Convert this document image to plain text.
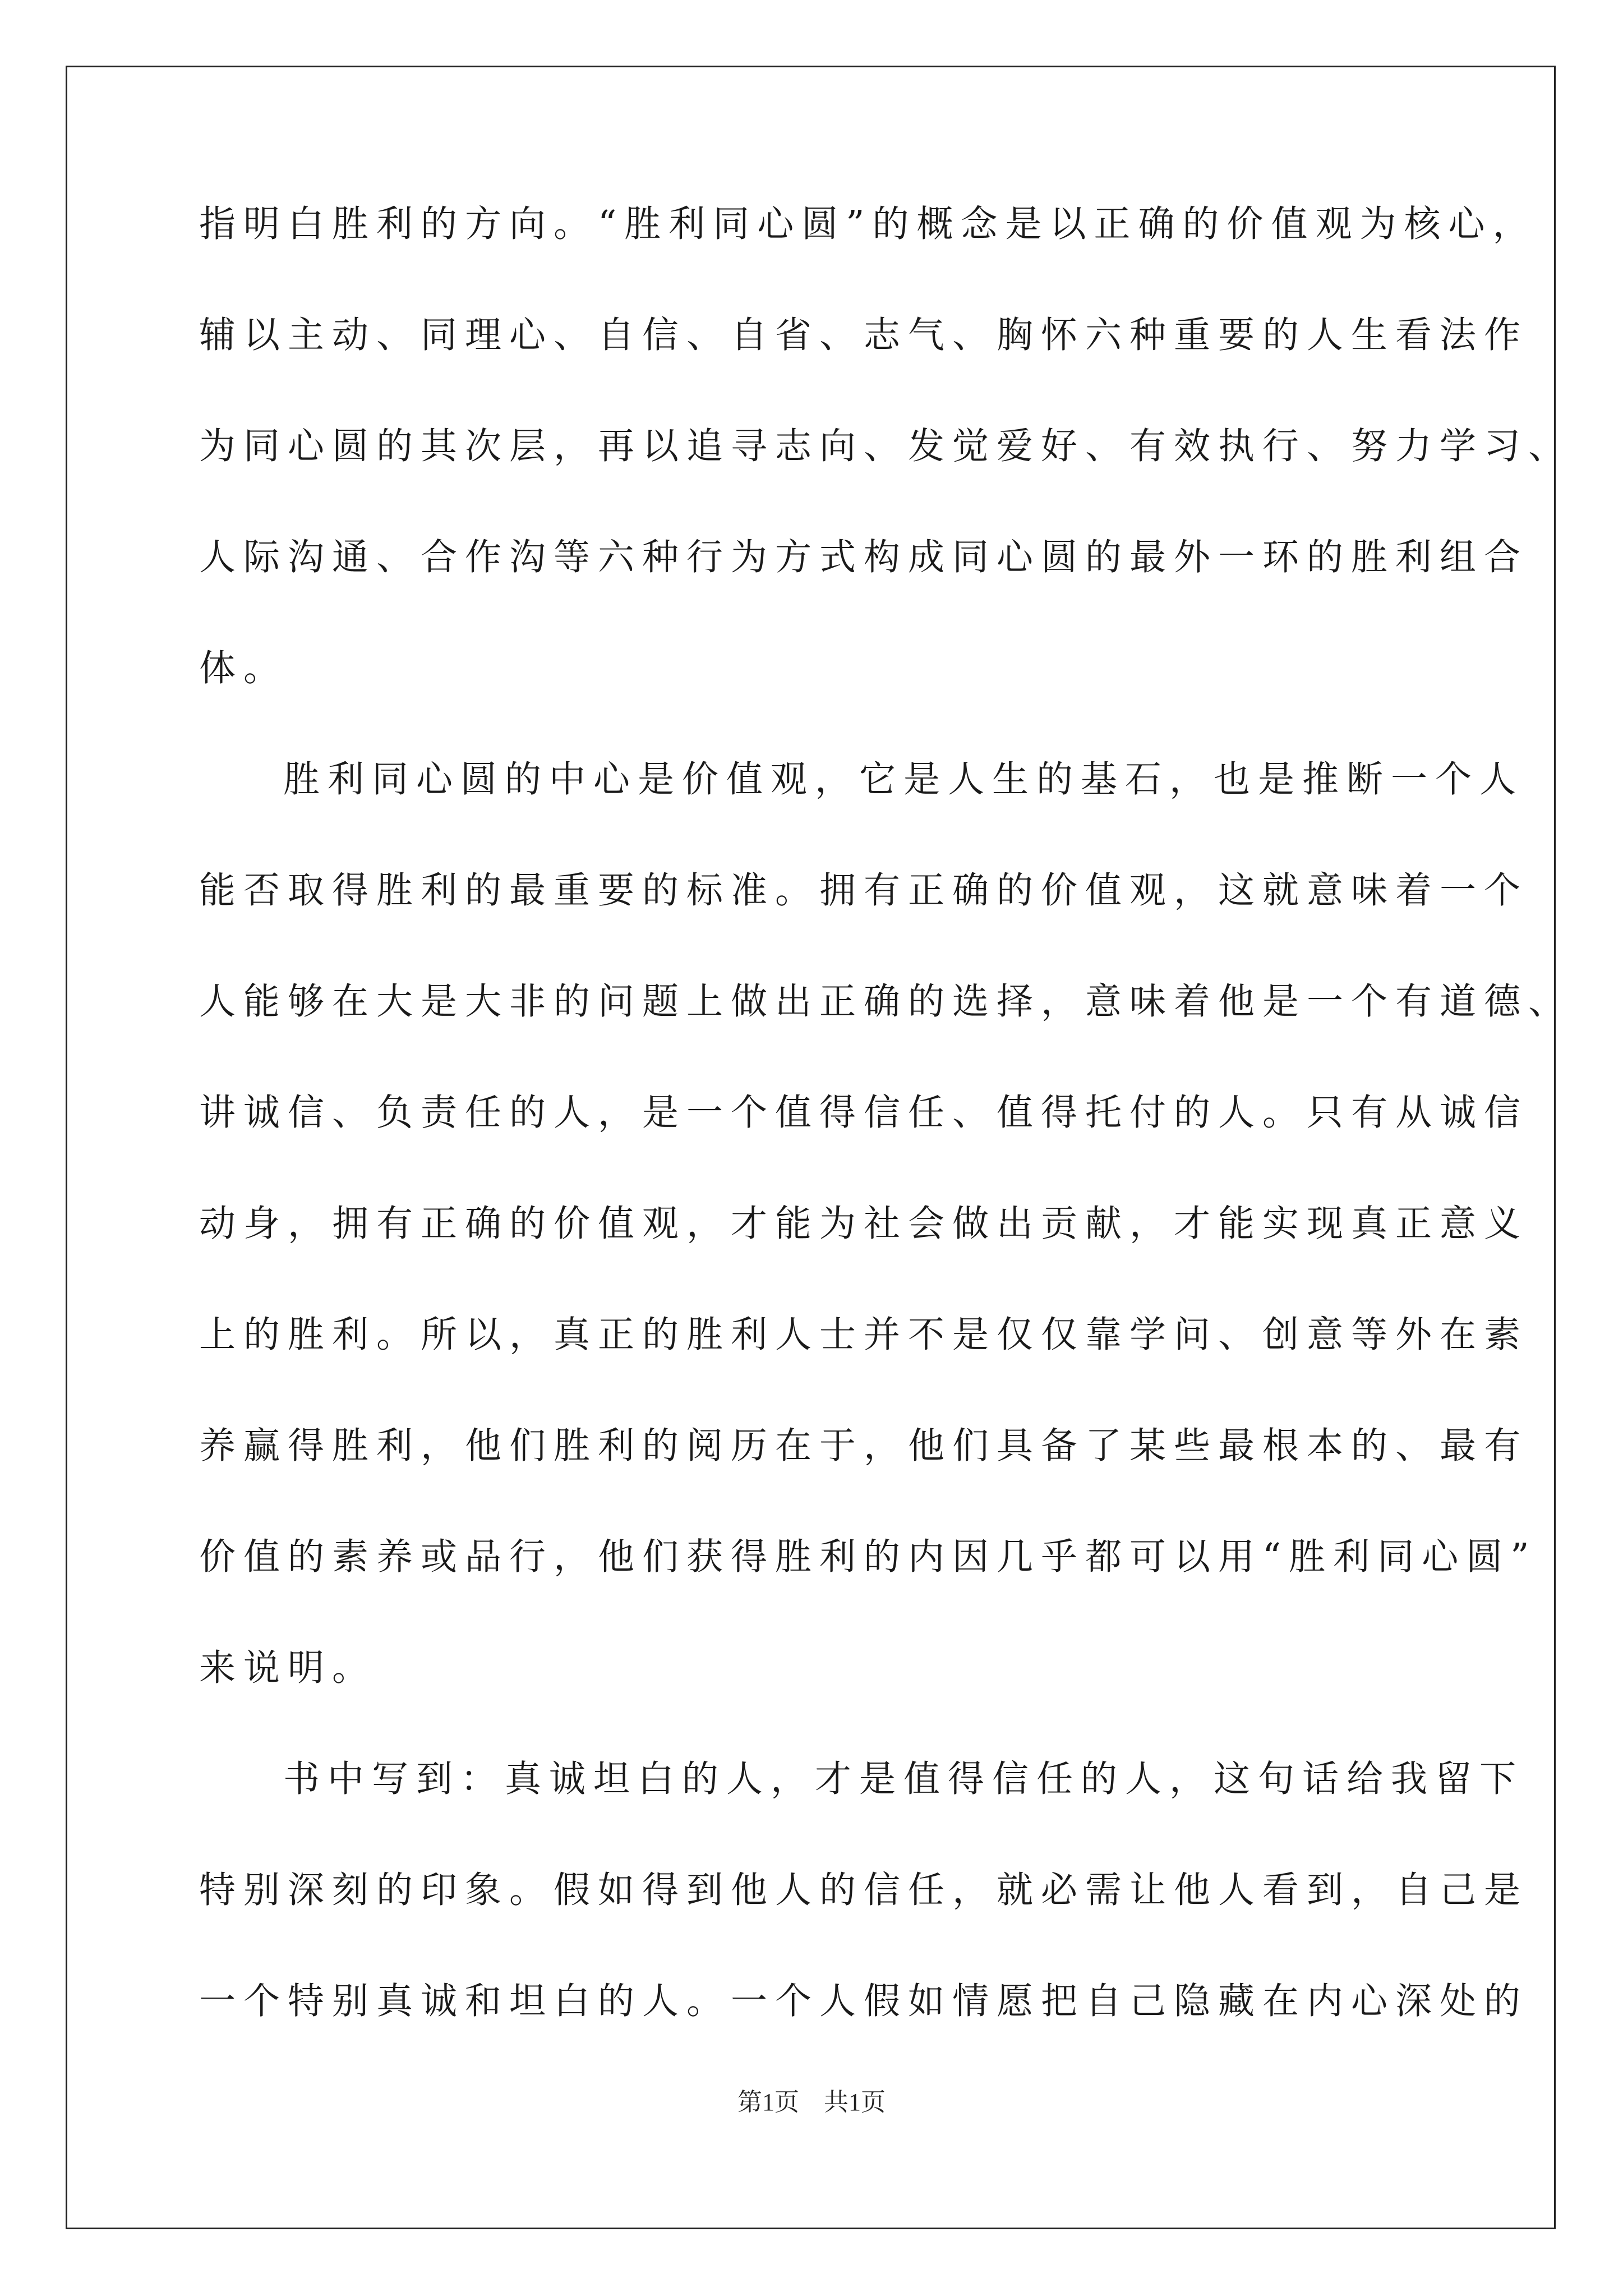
指明白胜利的方向。“胜利同心圆”的概念是以正确的价值观为核心，
辅以主动、同理心、自信、自省、志气、胸怀六种重要的人生看法作
为同心圆的其次层，再以追寻志向、发觉爱好、有效执行、努力学习、
人际沟通、合作沟等六种行为方式构成同心圆的最外一环的胜利组合
体。
胜利同心圆的中心是价值观，它是人生的基石，也是推断一个人
能否取得胜利的最重要的标准。拥有正确的价值观，这就意味着一个
人能够在大是大非的问题上做出正确的选择，意味着他是一个有道德、
讲诚信、负责任的人，是一个值得信任、值得托付的人。只有从诚信
动身，拥有正确的价值观，才能为社会做出贡献，才能实现真正意义
上的胜利。所以，真正的胜利人士并不是仅仅靠学问、创意等外在素
养赢得胜利，他们胜利的阅历在于，他们具备了某些最根本的、最有
价值的素养或品行，他们获得胜利的内因几乎都可以用“胜利同心圆”
来说明。
书中写到：真诚坦白的人，才是值得信任的人，这句话给我留下
特别深刻的印象。假如得到他人的信任，就必需让他人看到，自己是
一个特别真诚和坦白的人。一个人假如情愿把自己隐藏在内心深处的
第1页　共1页
